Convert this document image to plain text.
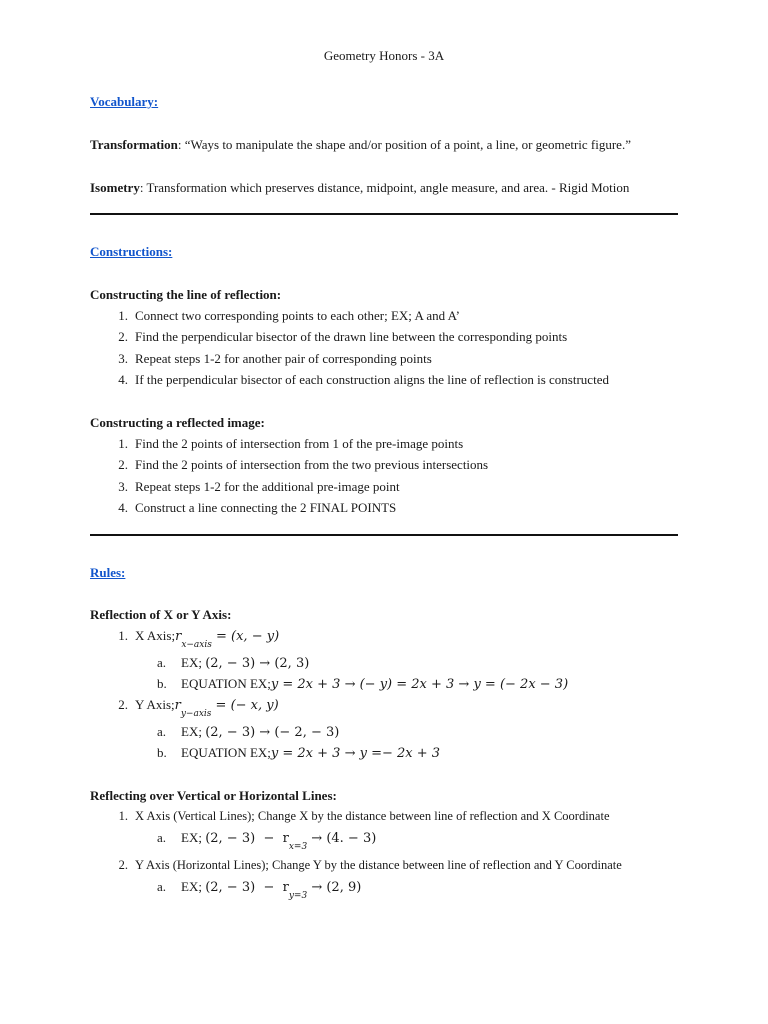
Geometry Honors - 3A
Vocabulary:
Transformation: “Ways to manipulate the shape and/or position of a point, a line, or geometric figure.”
Isometry: Transformation which preserves distance, midpoint, angle measure, and area. - Rigid Motion
Constructions:
Constructing the line of reflection:
1. Connect two corresponding points to each other; EX; A and A’
2. Find the perpendicular bisector of the drawn line between the corresponding points
3. Repeat steps 1-2 for another pair of corresponding points
4. If the perpendicular bisector of each construction aligns the line of reflection is constructed
Constructing a reflected image:
1. Find the 2 points of intersection from 1 of the pre-image points
2. Find the 2 points of intersection from the two previous intersections
3. Repeat steps 1-2 for the additional pre-image point
4. Construct a line connecting the 2 FINAL POINTS
Rules:
Reflection of X or Y Axis:
1. X $Axis;r_{x-axis} = (x$, − y)
a. EX; (2, − 3) → (2, 3)
b. EQUATION EX;y = 2x + 3 → (− y) = 2x + 3 → y = (− 2x − 3)
2. Y $Axis;r_{y-axis}$ = (− x, y)
a. EX; (2, − 3) → (− 2, − 3)
b. EQUATION EX;y = 2x + 3 → y =− 2x + 3
Reflecting over Vertical or Horizontal Lines:
1. X Axis (Vertical Lines); Change X by the distance between line of reflection and X Coordinate
a. EX; (2, − $3) - r_{x=3} \to (4$. − 3)
2. Y Axis (Horizontal Lines); Change Y by the distance between line of reflection and Y Coordinate
a. EX; (2, − $3) - r_{y=3} \to (2$, 9)
